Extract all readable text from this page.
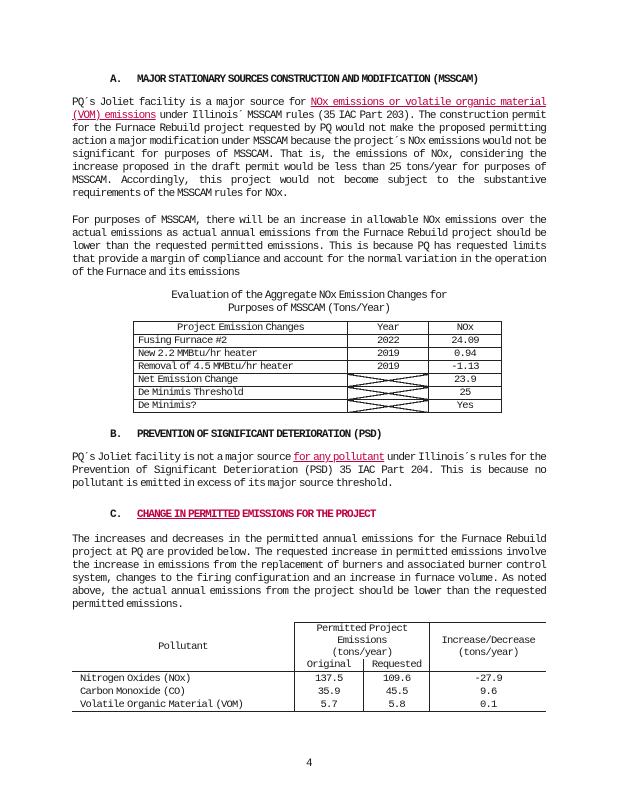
A.	MAJOR STATIONARY SOURCES CONSTRUCTION AND MODIFICATION (MSSCAM)
PQ´s Joliet facility is a major source for NOx emissions or volatile organic material (VOM) emissions under Illinois´ MSSCAM rules (35 IAC Part 203). The construction permit for the Furnace Rebuild project requested by PQ would not make the proposed permitting action a major modification under MSSCAM because the project´s NOx emissions would not be significant for purposes of MSSCAM. That is, the emissions of NOx, considering the increase proposed in the draft permit would be less than 25 tons/year for purposes of MSSCAM. Accordingly, this project would not become subject to the substantive requirements of the MSSCAM rules for NOx.
For purposes of MSSCAM, there will be an increase in allowable NOx emissions over the actual emissions as actual annual emissions from the Furnace Rebuild project should be lower than the requested permitted emissions. This is because PQ has requested limits that provide a margin of compliance and account for the normal variation in the operation of the Furnace and its emissions
Evaluation of the Aggregate NOx Emission Changes for
Purposes of MSSCAM (Tons/Year)
Project Emission Changes	Year	NOx
Fusing Furnace #2	2022	24.09
New 2.2 MMBtu/hr heater	2019	0.94
Removal of 4.5 MMBtu/hr heater	2019	-1.13
Net Emission Change		23.9
De Minimis Threshold		25
De Minimis?		Yes
B.	PREVENTION OF SIGNIFICANT DETERIORATION (PSD)
PQ´s Joliet facility is not a major source for any pollutant under Illinois´s rules for the Prevention of Significant Deterioration (PSD) 35 IAC Part 204. This is because no pollutant is emitted in excess of its major source threshold.
C.	CHANGE IN PERMITTED EMISSIONS FOR THE PROJECT
The increases and decreases in the permitted annual emissions for the Furnace Rebuild project at PQ are provided below. The requested increase in permitted emissions involve the increase in emissions from the replacement of burners and associated burner control system, changes to the firing configuration and an increase in furnace volume. As noted above, the actual annual emissions from the project should be lower than the requested permitted emissions.
Pollutant	Permitted Project
Emissions
(tons/year)		Increase/Decrease
(tons/year)

	Original	Requested	
Nitrogen Oxides (NOx)	137.5	109.6	-27.9
Carbon Monoxide (CO)	35.9	45.5	9.6
Volatile Organic Material (VOM)	5.7	5.8	0.1
4
